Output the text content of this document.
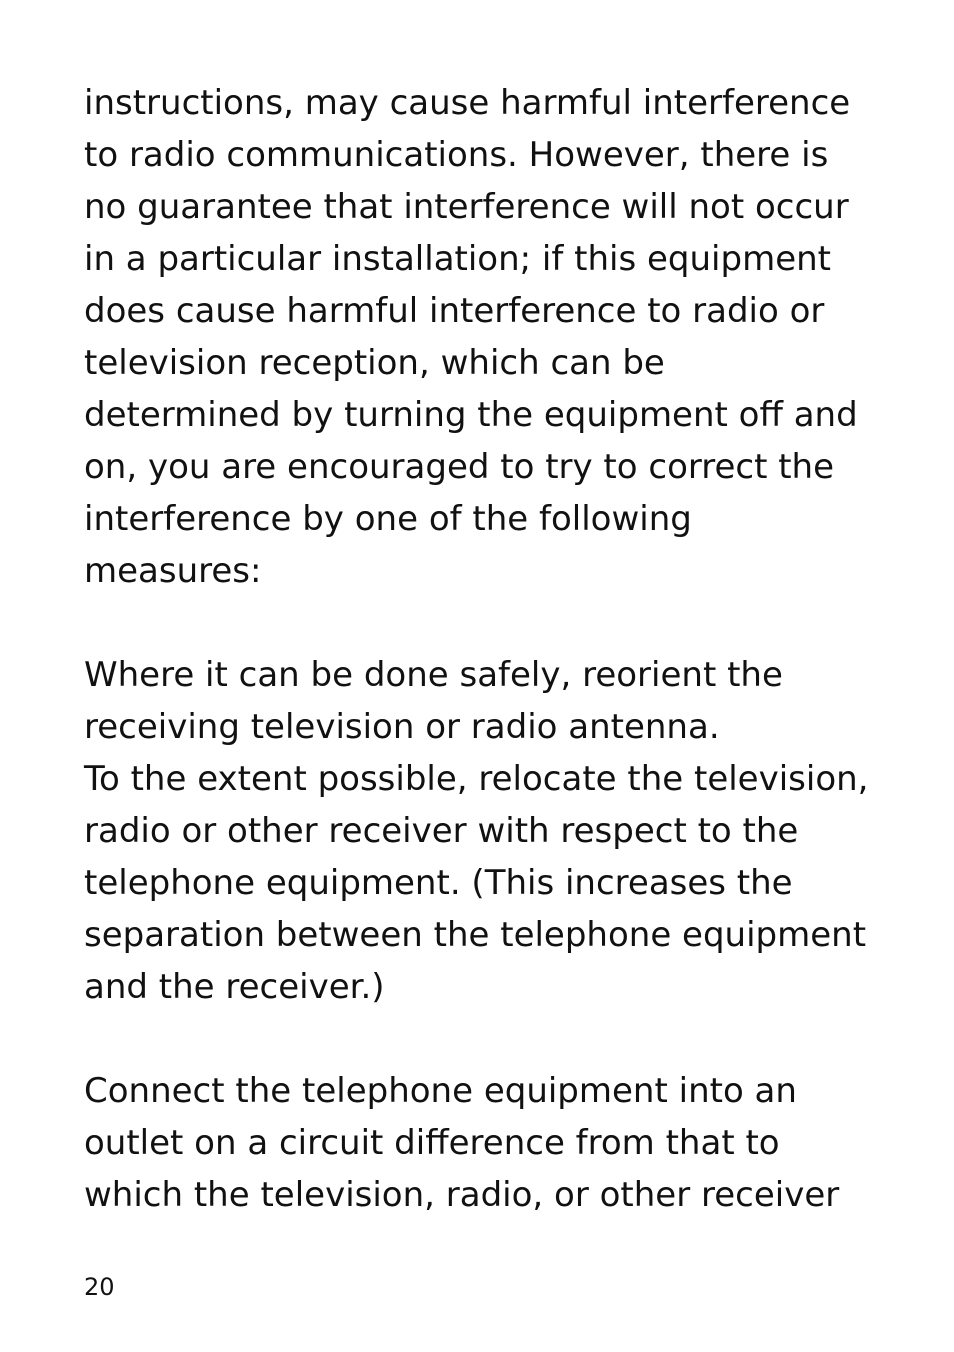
instructions, may cause harmful interference
to radio communications. However, there is
no guarantee that interference will not occur
in a particular installation; if this equipment
does cause harmful interference to radio or
television reception, which can be
determined by turning the equipment off and
on, you are encouraged to try to correct the
interference by one of the following
measures:
Where it can be done safely, reorient the
receiving television or radio antenna.
To the extent possible, relocate the television,
radio or other receiver with respect to the
telephone equipment. (This increases the
separation between the telephone equipment
and the receiver.)
Connect the telephone equipment into an
outlet on a circuit difference from that to
which the television, radio, or other receiver
20
